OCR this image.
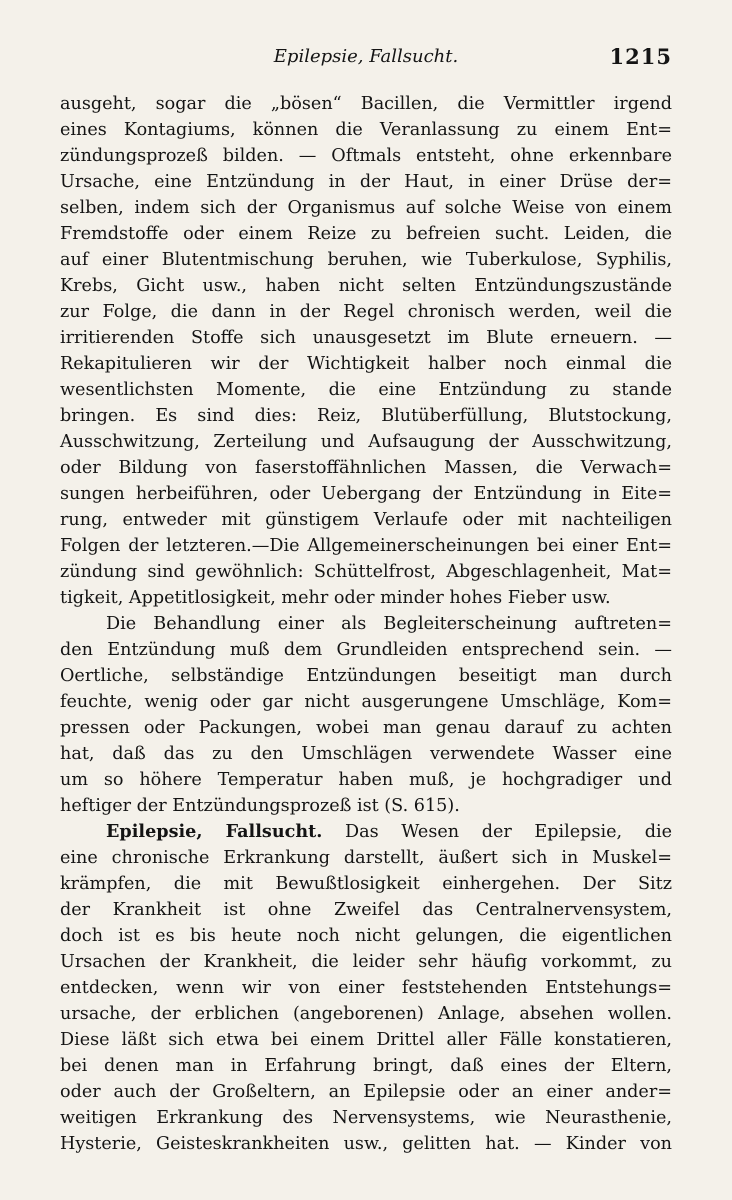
Epilepsie, Fallsucht.	1215
ausgeht, sogar die „bösen“ Bacillen, die Vermittler irgend
eines Kontagiums, können die Veranlassung zu einem Ent=
zündungsprozeß bilden. — Oftmals entsteht, ohne erkennbare
Ursache, eine Entzündung in der Haut, in einer Drüse der=
selben, indem sich der Organismus auf solche Weise von einem
Fremdstoffe oder einem Reize zu befreien sucht. Leiden, die
auf einer Blutentmischung beruhen, wie Tuberkulose, Syphilis,
Krebs, Gicht usw., haben nicht selten Entzündungszustände
zur Folge, die dann in der Regel chronisch werden, weil die
irritierenden Stoffe sich unausgesetzt im Blute erneuern. —
Rekapitulieren wir der Wichtigkeit halber noch einmal die
wesentlichsten Momente, die eine Entzündung zu stande
bringen. Es sind dies: Reiz, Blutüberfüllung, Blutstockung,
Ausschwitzung, Zerteilung und Aufsaugung der Ausschwitzung,
oder Bildung von faserstoffähnlichen Massen, die Verwach=
sungen herbeiführen, oder Uebergang der Entzündung in Eite=
rung, entweder mit günstigem Verlaufe oder mit nachteiligen
Folgen der letzteren.—Die Allgemeinerscheinungen bei einer Ent=
zündung sind gewöhnlich: Schüttelfrost, Abgeschlagenheit, Mat=
tigkeit, Appetitlosigkeit, mehr oder minder hohes Fieber usw.
Die Behandlung einer als Begleiterscheinung auftreten=
den Entzündung muß dem Grundleiden entsprechend sein. —
Oertliche, selbständige Entzündungen beseitigt man durch
feuchte, wenig oder gar nicht ausgerungene Umschläge, Kom=
pressen oder Packungen, wobei man genau darauf zu achten
hat, daß das zu den Umschlägen verwendete Wasser eine
um so höhere Temperatur haben muß, je hochgradiger und
heftiger der Entzündungsprozeß ist (S. 615).
Epilepsie, Fallsucht. Das Wesen der Epilepsie, die
eine chronische Erkrankung darstellt, äußert sich in Muskel=
krämpfen, die mit Bewußtlosigkeit einhergehen. Der Sitz
der Krankheit ist ohne Zweifel das Centralnervensystem,
doch ist es bis heute noch nicht gelungen, die eigentlichen
Ursachen der Krankheit, die leider sehr häufig vorkommt, zu
entdecken, wenn wir von einer feststehenden Entstehungs=
ursache, der erblichen (angeborenen) Anlage, absehen wollen.
Diese läßt sich etwa bei einem Drittel aller Fälle konstatieren,
bei denen man in Erfahrung bringt, daß eines der Eltern,
oder auch der Großeltern, an Epilepsie oder an einer ander=
weitigen Erkrankung des Nervensystems, wie Neurasthenie,
Hysterie, Geisteskrankheiten usw., gelitten hat. — Kinder von
